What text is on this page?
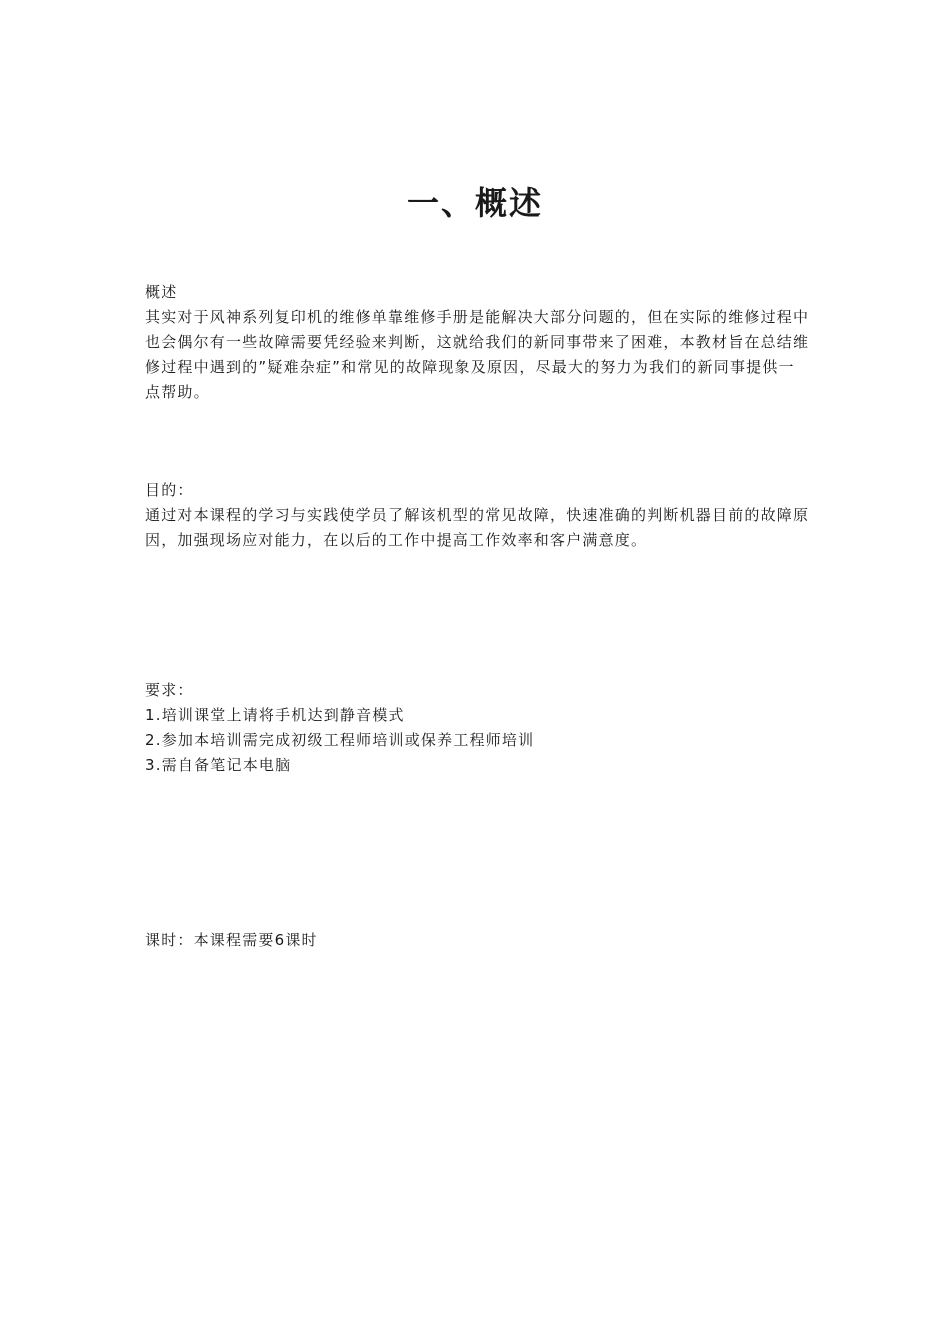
一、概述

概述

其实对于风神系列复印机的维修单靠维修手册是能解决大部分问题的，但在实际的维修过程中也会偶尔有一些故障需要凭经验来判断，这就给我们的新同事带来了困难，本教材旨在总结维修过程中遇到的”疑难杂症”和常见的故障现象及原因，尽最大的努力为我们的新同事提供一点帮助。

目的：

通过对本课程的学习与实践使学员了解该机型的常见故障，快速准确的判断机器目前的故障原因，加强现场应对能力，在以后的工作中提高工作效率和客户满意度。

要求：

1.培训课堂上请将手机达到静音模式

2.参加本培训需完成初级工程师培训或保养工程师培训

3.需自备笔记本电脑

课时：本课程需要6课时
